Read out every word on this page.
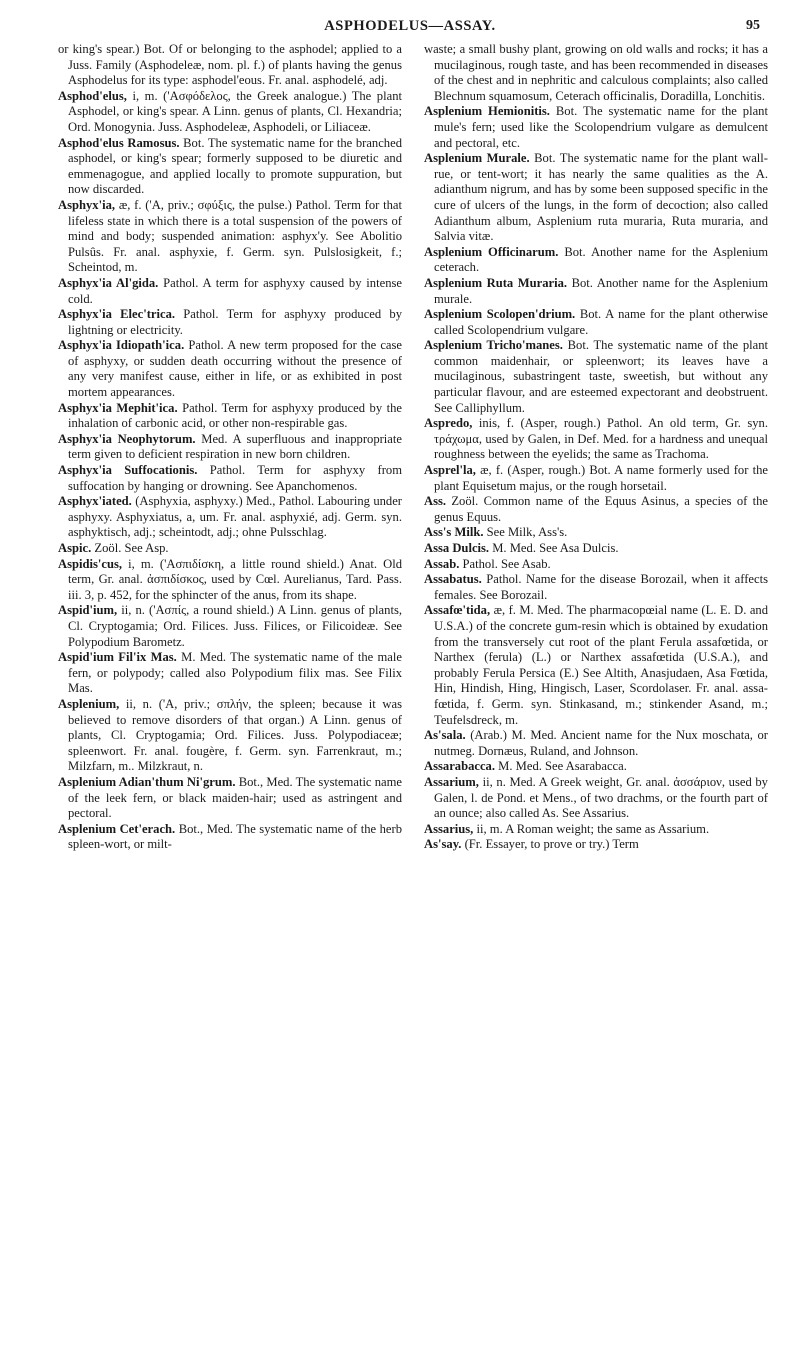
ASPHODELUS—ASSAY.	95

or king's spear.) Bot. Of or belonging to the asphodel; applied to a Juss. Family (Asphodeleæ, nom. pl. f.) of plants having the genus Asphodelus for its type: asphodel'eous. Fr. anal. asphodelé, adj.

Asphod'elus, i, m. ('Ασφόδελος, the Greek analogue.) The plant Asphodel, or king's spear. A Linn. genus of plants, Cl. Hexandria; Ord. Monogynia. Juss. Asphodeleæ, Asphodeli, or Liliaceæ.

Asphod'elus Ramosus. Bot. The systematic name for the branched asphodel, or king's spear; formerly supposed to be diuretic and emmenagogue, and applied locally to promote suppuration, but now discarded.

Asphyx'ia, æ, f. ('A, priv.; σφύξις, the pulse.) Pathol. Term for that lifeless state in which there is a total suspension of the powers of mind and body; suspended animation: asphyx'y. See Abolitio Pulsûs. Fr. anal. asphyxie, f. Germ. syn. Pulslosigkeit, f.; Scheintod, m.

Asphyx'ia Al'gida. Pathol. A term for asphyxy caused by intense cold.

Asphyx'ia Elec'trica. Pathol. Term for asphyxy produced by lightning or electricity.

Asphyx'ia Idiopath'ica. Pathol. A new term proposed for the case of asphyxy, or sudden death occurring without the presence of any very manifest cause, either in life, or as exhibited in post mortem appearances.

Asphyx'ia Mephit'ica. Pathol. Term for asphyxy produced by the inhalation of carbonic acid, or other non-respirable gas.

Asphyx'ia Neophytorum. Med. A superfluous and inappropriate term given to deficient respiration in new born children.

Asphyx'ia Suffocationis. Pathol. Term for asphyxy from suffocation by hanging or drowning. See Apanchomenos.

Asphyx'iated. (Asphyxia, asphyxy.) Med., Pathol. Labouring under asphyxy. Asphyxiatus, a, um. Fr. anal. asphyxié, adj. Germ. syn. asphyktisch, adj.; scheintodt, adj.; ohne Pulsschlag.

Aspic. Zoöl. See Asp.

Aspidis'cus, i, m. ('Ασπιδίσκη, a little round shield.) Anat. Old term, Gr. anal. ἀσπιδίσκος, used by Cœl. Aurelianus, Tard. Pass. iii. 3, p. 452, for the sphincter of the anus, from its shape.

Aspid'ium, ii, n. ('Ασπίς, a round shield.) A Linn. genus of plants, Cl. Cryptogamia; Ord. Filices. Juss. Filices, or Filicoideæ. See Polypodium Barometz.

Aspid'ium Fil'ix Mas. M. Med. The systematic name of the male fern, or polypody; called also Polypodium filix mas. See Filix Mas.

Asplenium, ii, n. ('A, priv.; σπλήν, the spleen; because it was believed to remove disorders of that organ.) A Linn. genus of plants, Cl. Cryptogamia; Ord. Filices. Juss. Polypodiaceæ; spleenwort. Fr. anal. fougère, f. Germ. syn. Farrenkraut, m.; Milzfarn, m.. Milzkraut, n.

Asplenium Adian'thum Ni'grum. Bot., Med. The systematic name of the leek fern, or black maiden-hair; used as astringent and pectoral.

Asplenium Cet'erach. Bot., Med. The systematic name of the herb spleen-wort, or milt-

waste; a small bushy plant, growing on old walls and rocks; it has a mucilaginous, rough taste, and has been recommended in diseases of the chest and in nephritic and calculous complaints; also called Blechnum squamosum, Ceterach officinalis, Doradilla, Lonchitis.

Asplenium Hemionitis. Bot. The systematic name for the plant mule's fern; used like the Scolopendrium vulgare as demulcent and pectoral, etc.

Asplenium Murale. Bot. The systematic name for the plant wall-rue, or tent-wort; it has nearly the same qualities as the A. adianthum nigrum, and has by some been supposed specific in the cure of ulcers of the lungs, in the form of decoction; also called Adianthum album, Asplenium ruta muraria, Ruta muraria, and Salvia vitæ.

Asplenium Officinarum. Bot. Another name for the Asplenium ceterach.

Asplenium Ruta Muraria. Bot. Another name for the Asplenium murale.

Asplenium Scolopen'drium. Bot. A name for the plant otherwise called Scolopendrium vulgare.

Asplenium Tricho'manes. Bot. The systematic name of the plant common maidenhair, or spleenwort; its leaves have a mucilaginous, subastringent taste, sweetish, but without any particular flavour, and are esteemed expectorant and deobstruent. See Calliphyllum.

Aspredo, inis, f. (Asper, rough.) Pathol. An old term, Gr. syn. τράχωμα, used by Galen, in Def. Med. for a hardness and unequal roughness between the eyelids; the same as Trachoma.

Asprel'la, æ, f. (Asper, rough.) Bot. A name formerly used for the plant Equisetum majus, or the rough horsetail.

Ass. Zoöl. Common name of the Equus Asinus, a species of the genus Equus.

Ass's Milk. See Milk, Ass's.

Assa Dulcis. M. Med. See Asa Dulcis.

Assab. Pathol. See Asab.

Assabatus. Pathol. Name for the disease Borozail, when it affects females. See Borozail.

Assafœ'tida, æ, f. M. Med. The pharmacopœial name (L. E. D. and U.S.A.) of the concrete gum-resin which is obtained by exudation from the transversely cut root of the plant Ferula assafœtida, or Narthex (ferula) (L.) or Narthex assafœtida (U.S.A.), and probably Ferula Persica (E.) See Altith, Anasjudaen, Asa Fœtida, Hin, Hindish, Hing, Hingisch, Laser, Scordolaser. Fr. anal. assa-fœtida, f. Germ. syn. Stinkasand, m.; stinkender Asand, m.; Teufelsdreck, m.

As'sala. (Arab.) M. Med. Ancient name for the Nux moschata, or nutmeg. Dornæus, Ruland, and Johnson.

Assarabacca. M. Med. See Asarabacca.

Assarium, ii, n. Med. A Greek weight, Gr. anal. ἀσσάριον, used by Galen, l. de Pond. et Mens., of two drachms, or the fourth part of an ounce; also called As. See Assarius.

Assarius, ii, m. A Roman weight; the same as Assarium.

As'say. (Fr. Essayer, to prove or try.) Term
